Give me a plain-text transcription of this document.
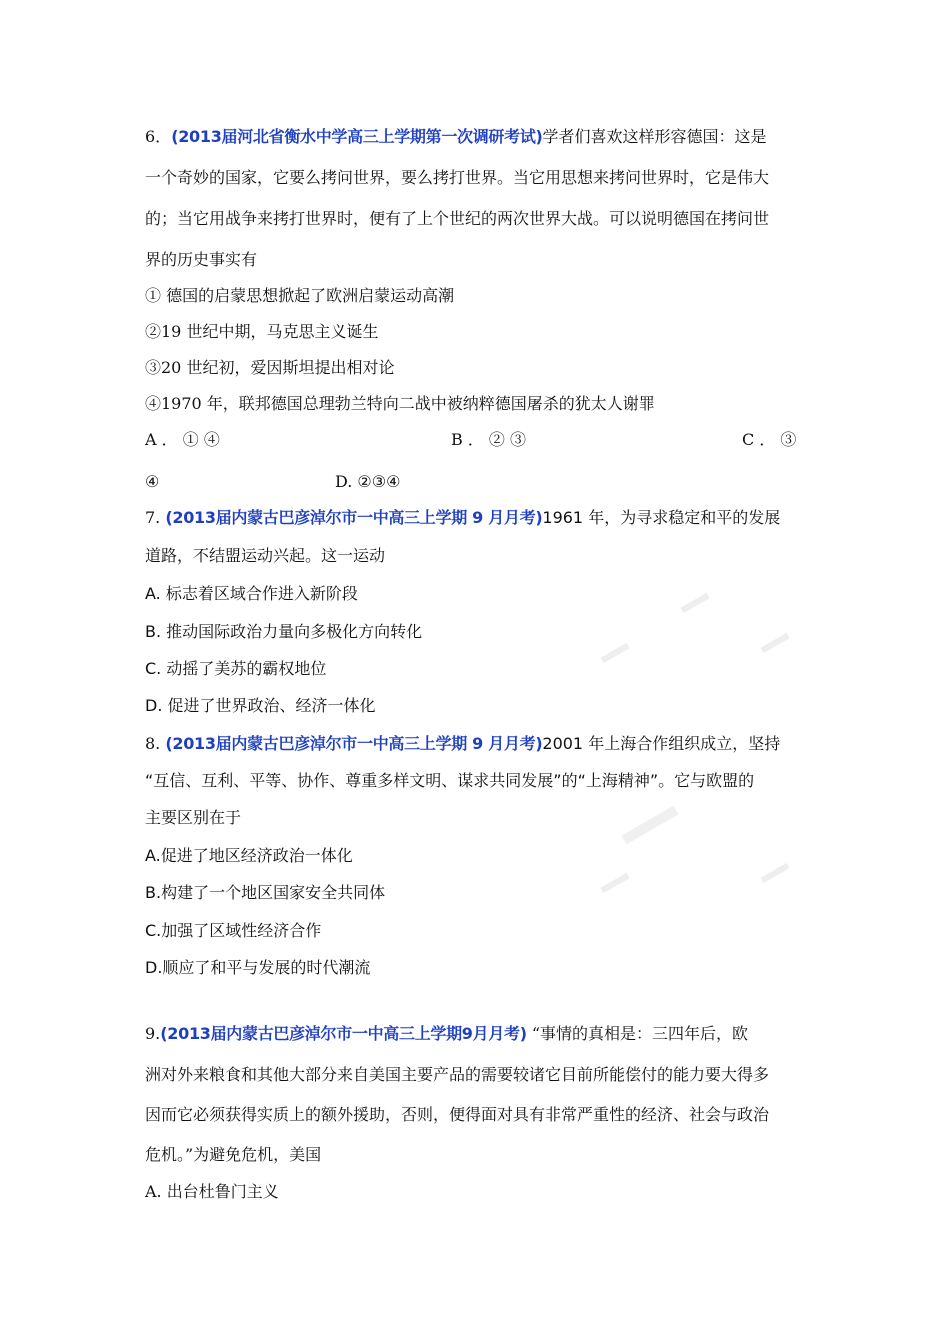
6．(2013届河北省衡水中学高三上学期第一次调研考试)学者们喜欢这样形容德国：这是
一个奇妙的国家，它要么拷问世界，要么拷打世界。当它用思想来拷问世界时，它是伟大
的；当它用战争来拷打世界时，便有了上个世纪的两次世界大战。可以说明德国在拷问世
界的历史事实有
① 德国的启蒙思想掀起了欧洲启蒙运动高潮
②19 世纪中期，马克思主义诞生
③20 世纪初，爱因斯坦提出相对论
④1970 年，联邦德国总理勃兰特向二战中被纳粹德国屠杀的犹太人谢罪
A ． ① ④	B ． ② ③	C ． ③
④	D. ②③④
7. (2013届内蒙古巴彦淖尔市一中高三上学期 9 月月考)1961 年，为寻求稳定和平的发展
道路，不结盟运动兴起。这一运动
A. 标志着区域合作进入新阶段
B. 推动国际政治力量向多极化方向转化
C. 动摇了美苏的霸权地位
D. 促进了世界政治、经济一体化
8. (2013届内蒙古巴彦淖尔市一中高三上学期 9 月月考)2001 年上海合作组织成立，坚持
“互信、互利、平等、协作、尊重多样文明、谋求共同发展”的“上海精神”。它与欧盟的
主要区别在于
A.促进了地区经济政治一体化
B.构建了一个地区国家安全共同体
C.加强了区域性经济合作
D.顺应了和平与发展的时代潮流
9.(2013届内蒙古巴彦淖尔市一中高三上学期9月月考) “事情的真相是：三四年后，欧
洲对外来粮食和其他大部分来自美国主要产品的需要较诸它目前所能偿付的能力要大得多
因而它必须获得实质上的额外援助，否则，便得面对具有非常严重性的经济、社会与政治
危机。”为避免危机，美国
A. 出台杜鲁门主义
